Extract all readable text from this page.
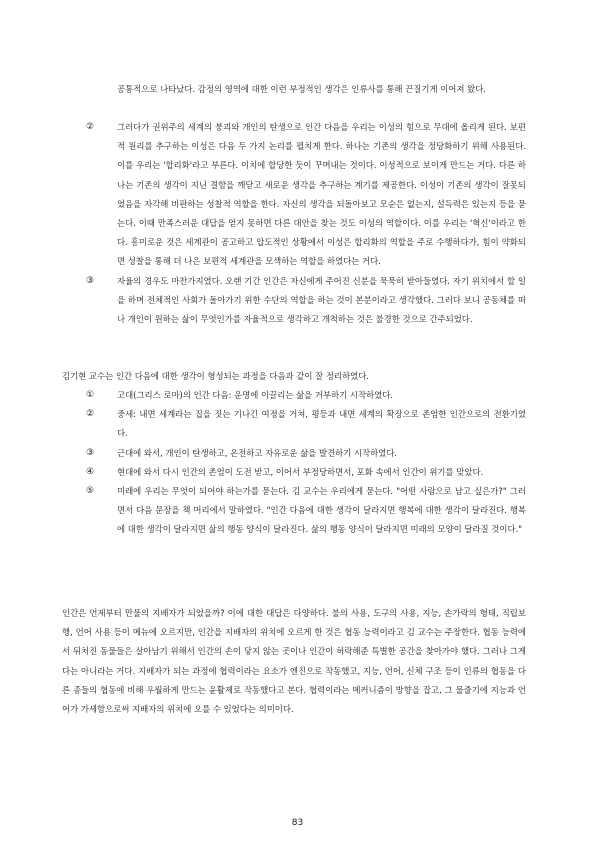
공통적으로 나타났다. 감정의 영역에 대한 이런 부정적인 생각은 인류사를 통해 끈질기게 이어져 왔다.
②	그러다가 권위주의 세계의 붕괴와 개인의 탄생으로 인간 다음을 우리는 이성의 힘으로 무대에 올리게 된다. 보편적 원리를 추구하는 이성은 다음 두 가지 논리를 펼치게 한다. 하나는 기존의 생각을 정당화하기 위해 사용된다. 이를 우리는 '합리화'라고 부른다. 이치에 합당한 듯이 꾸며내는 것이다. 이성적으로 보이게 만드는 거다. 다른 하나는 기존의 생각이 지닌 결함을 깨닫고 새로운 생각을 추구하는 계기를 제공한다. 이성이 기존의 생각이 잘못되었음을 자각해 비판하는 성찰적 역할을 한다. 자신의 생각을 되돌아보고 모순은 없는지, 설득력은 있는지 등을 묻는다. 이때 만족스러운 대답을 얻지 못하면 다른 대안을 찾는 것도 이성의 역할이다. 이를 우리는 '혁신'이라고 한다. 흥미로운 것은 세계관이 공고하고 압도적인 상황에서 이성은 합리화의 역할을 주로 수행하다가, 힘이 약화되면 성찰을 통해 더 나은 보편적 세계관을 모색하는 역할을 하였다는 거다.
③	자율의 경우도 마찬가지였다. 오랜 기간 인간은 자신에게 주어진 신분을 묵묵히 받아들였다. 자기 위치에서 할 일을 하며 전체적인 사회가 돌아가기 위한 수단의 역할을 하는 것이 본분이라고 생각했다. 그러다 보니 공동체를 떠나 개인이 원하는 삶이 무엇인가를 자율적으로 생각하고 개척하는 것은 불경한 것으로 간주되었다.
김기현 교수는 인간 다음에 대한 생각이 형성되는 과정을 다음과 같이 잘 정리하였다.
①	고대(그리스 로마)의 인간 다음: 운명에 이끌리는 삶을 거부하기 시작하였다.
②	중세: 내면 세계라는 집을 짓는 기나긴 여정을 거쳐, 평등과 내면 세계의 확장으로 존엄한 인간으로의 전환기였다.
③	근대에 와서, 개인이 탄생하고, 온전하고 자유로운 삶을 발견하기 시작하였다.
④	현대에 와서 다시 인간의 존엄이 도전 받고, 이어서 부정당하면서, 포화 속에서 인간이 위기를 맞았다.
⑤	미래에 우리는 무엇이 되어야 하는가를 묻는다. 김 교수는 우리에게 묻는다. "어떤 사람으로 남고 싶은가?" 그러면서 다음 문장을 책 머리에서 말하였다. "인간 다음에 대한 생각이 달라지면 행복에 대한 생각이 달라진다. 행복에 대한 생각이 달라지면 삶의 행동 양식이 달라진다. 삶의 행동 양식이 달라지면 미래의 모양이 달라질 것이다."
인간은 언제부터 만물의 지배자가 되었을까? 이에 대한 대답은 다양하다. 불의 사용, 도구의 사용, 지능, 손가락의 형태, 직립보행, 언어 사용 등이 메뉴에 오르지만, 인간을 지배자의 위치에 오르게 한 것은 협동 능력이라고 김 교수는 주장한다. 협동 능력에서 뒤처진 동물들은 살아남기 위해서 인간의 손이 닿지 않는 곳이나 인간이 허락해준 특별한 공간을 찾아가야 했다. 그러나 그게 다는 아니라는 거다. 지배자가 되는 과정에 협력이라는 요소가 엔진으로 작동했고, 지능, 언어, 신체 구조 등이 인류의 협동을 다른 종들의 협동에 비해 우월하게 만드는 윤활제로 작동했다고 본다. 협력이라는 메커니즘이 방향을 잡고, 그 물줄기에 지능과 언어가 가세함으로써 지배자의 위치에 오를 수 있었다는 의미이다.
83
